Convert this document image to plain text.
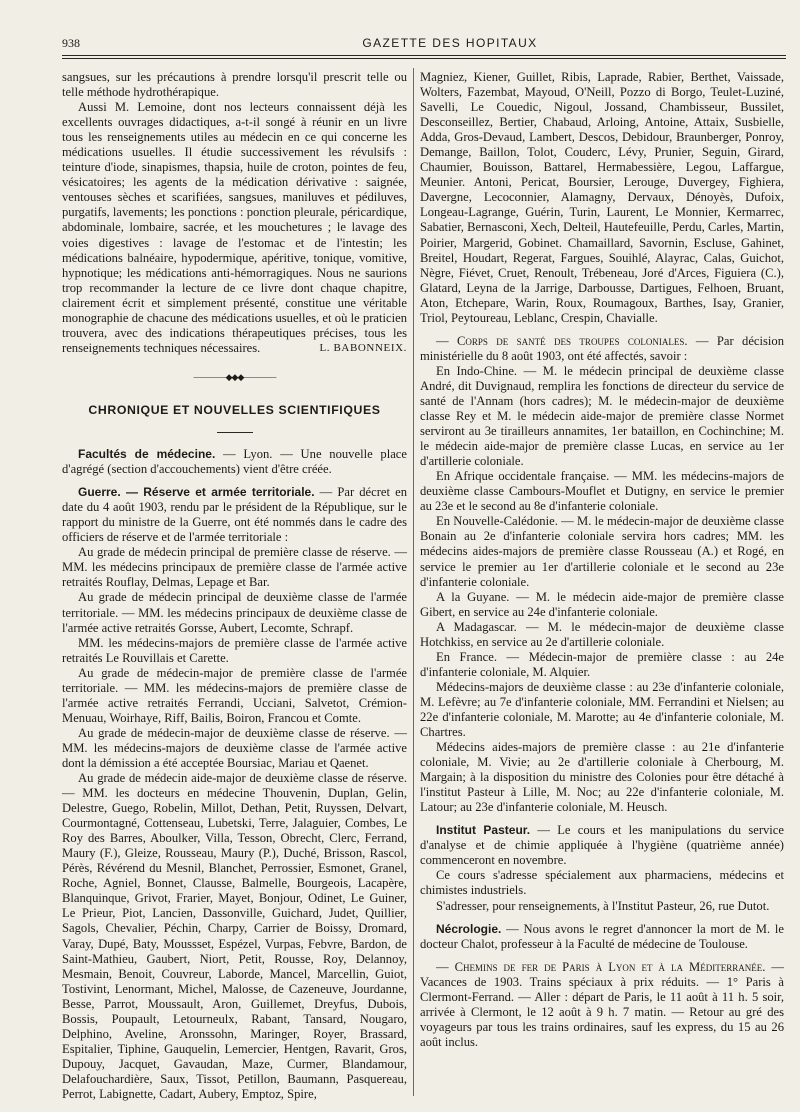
938	GAZETTE DES HOPITAUX

sangsues, sur les précautions à prendre lorsqu'il prescrit telle ou telle méthode hydrothérapique.

Aussi M. Lemoine, dont nos lecteurs connaissent déjà les excellents ouvrages didactiques, a-t-il songé à réunir en un livre tous les renseignements utiles au médecin en ce qui concerne les médications usuelles. Il étudie successivement les révulsifs : teinture d'iode, sinapismes, thapsia, huile de croton, pointes de feu, vésicatoires; les agents de la médication dérivative : saignée, ventouses sèches et scarifiées, sangsues, maniluves et pédiluves, purgatifs, lavements; les ponctions : ponction pleurale, péricardique, abdominale, lombaire, sacrée, et les mouchetures ; le lavage des voies digestives : lavage de l'estomac et de l'intestin; les médications balnéaire, hypodermique, apéritive, tonique, vomitive, hypnotique; les médications anti-hémorragiques. Nous ne saurions trop recommander la lecture de ce livre dont chaque chapitre, clairement écrit et simplement présenté, constitue une véritable monographie de chacune des médications usuelles, et où le praticien trouvera, avec des indications thérapeutiques précises, tous les renseignements techniques nécessaires.	L. BABONNEIX.
————◆◆◆————
CHRONIQUE ET NOUVELLES SCIENTIFIQUES

Facultés de médecine. — Lyon. — Une nouvelle place d'agrégé (section d'accouchements) vient d'être créée.

Guerre. — Réserve et armée territoriale. — Par décret en date du 4 août 1903, rendu par le président de la République, sur le rapport du ministre de la Guerre, ont été nommés dans le cadre des officiers de réserve et de l'armée territoriale :

Au grade de médecin principal de première classe de réserve. — MM. les médecins principaux de première classe de l'armée active retraités Rouflay, Delmas, Lepage et Bar.

Au grade de médecin principal de deuxième classe de l'armée territoriale. — MM. les médecins principaux de deuxième classe de l'armée active retraités Gorsse, Aubert, Lecomte, Schrapf.

MM. les médecins-majors de première classe de l'armée active retraités Le Rouvillais et Carette.

Au grade de médecin-major de première classe de l'armée territoriale. — MM. les médecins-majors de première classe de l'armée active retraités Ferrandi, Ucciani, Salvetot, Crémion-Menuau, Woirhaye, Riff, Bailis, Boiron, Francou et Comte.

Au grade de médecin-major de deuxième classe de réserve. — MM. les médecins-majors de deuxième classe de l'armée active dont la démission a été acceptée Boursiac, Mariau et Qaenet.

Au grade de médecin aide-major de deuxième classe de réserve. — MM. les docteurs en médecine Thouvenin, Duplan, Gelin, Delestre, Guego, Robelin, Millot, Dethan, Petit, Ruyssen, Delvart, Courmontagné, Cottenseau, Lubetski, Terre, Jalaguier, Combes, Le Roy des Barres, Aboulker, Villa, Tesson, Obrecht, Clerc, Ferrand, Maury (F.), Gleize, Rousseau, Maury (P.), Duché, Brisson, Rascol, Pérès, Révérend du Mesnil, Blanchet, Perrossier, Esmonet, Granel, Roche, Agniel, Bonnet, Clausse, Balmelle, Bourgeois, Lacapère, Blanquinque, Grivot, Frarier, Mayet, Bonjour, Odinet, Le Guiner, Le Prieur, Piot, Lancien, Dassonville, Guichard, Judet, Quillier, Sagols, Chevalier, Péchin, Charpy, Carrier de Boissy, Dromard, Varay, Dupé, Baty, Moussset, Espézel, Vurpas, Febvre, Bardon, de Saint-Mathieu, Gaubert, Niort, Petit, Rousse, Roy, Delannoy, Mesmain, Benoit, Couvreur, Laborde, Mancel, Marcellin, Guiot, Tostivint, Lenormant, Michel, Malosse, de Cazeneuve, Jourdanne, Besse, Parrot, Moussault, Aron, Guillemet, Dreyfus, Dubois, Bossis, Poupault, Letourneulx, Rabant, Tansard, Nougaro, Delphino, Aveline, Aronssohn, Maringer, Royer, Brassard, Espitalier, Tiphine, Gauquelin, Lemercier, Hentgen, Ravarit, Gros, Dupouy, Jacquet, Gavaudan, Maze, Curmer, Blandamour, Delafouchardière, Saux, Tissot, Petillon, Baumann, Pasquereau, Perrot, Labignette, Cadart, Aubery, Emptoz, Spire,

Magniez, Kiener, Guillet, Ribis, Laprade, Rabier, Berthet, Vaissade, Wolters, Fazembat, Mayoud, O'Neill, Pozzo di Borgo, Teulet-Luziné, Savelli, Le Couedic, Nigoul, Jossand, Chambisseur, Bussilet, Desconseillez, Bertier, Chabaud, Arloing, Antoine, Attaix, Susbielle, Adda, Gros-Devaud, Lambert, Descos, Debidour, Braunberger, Ponroy, Demange, Baillon, Tolot, Couderc, Lévy, Prunier, Seguin, Girard, Chaumier, Bouisson, Battarel, Hermabessière, Legou, Laffargue, Meunier. Antoni, Pericat, Boursier, Lerouge, Duvergey, Fighiera, Davergne, Lecoconnier, Alamagny, Dervaux, Dénoyès, Dufoix, Longeau-Lagrange, Guérin, Turin, Laurent, Le Monnier, Kermarrec, Sabatier, Bernasconi, Xech, Delteil, Hautefeuille, Perdu, Carles, Martin, Poirier, Margerid, Gobinet. Chamaillard, Savornin, Escluse, Gahinet, Breitel, Houdart, Regerat, Fargues, Souihlé, Alayrac, Calas, Guichot, Nègre, Fiévet, Cruet, Renoult, Trébeneau, Joré d'Arces, Figuiera (C.), Glatard, Leyna de la Jarrige, Darbousse, Dartigues, Felhoen, Bruant, Aton, Etchepare, Warin, Roux, Roumagoux, Barthes, Isay, Granier, Triol, Peytoureau, Leblanc, Crespin, Chavialle.

— Corps de santé des troupes coloniales. — Par décision ministérielle du 8 août 1903, ont été affectés, savoir :

En Indo-Chine. — M. le médecin principal de deuxième classe André, dit Duvignaud, remplira les fonctions de directeur du service de santé de l'Annam (hors cadres); M. le médecin-major de deuxième classe Rey et M. le médecin aide-major de première classe Normet serviront au 3e tirailleurs annamites, 1er bataillon, en Cochinchine; M. le médecin aide-major de première classe Lucas, en service au 1er d'artillerie coloniale.

En Afrique occidentale française. — MM. les médecins-majors de deuxième classe Cambours-Mouflet et Dutigny, en service le premier au 23e et le second au 8e d'infanterie coloniale.

En Nouvelle-Calédonie. — M. le médecin-major de deuxième classe Bonain au 2e d'infanterie coloniale servira hors cadres; MM. les médecins aides-majors de première classe Rousseau (A.) et Rogé, en service le premier au 1er d'artillerie coloniale et le second au 23e d'infanterie coloniale.

A la Guyane. — M. le médecin aide-major de première classe Gibert, en service au 24e d'infanterie coloniale.

A Madagascar. — M. le médecin-major de deuxième classe Hotchkiss, en service au 2e d'artillerie coloniale.

En France. — Médecin-major de première classe : au 24e d'infanterie coloniale, M. Alquier.

Médecins-majors de deuxième classe : au 23e d'infanterie coloniale, M. Lefèvre; au 7e d'infanterie coloniale, MM. Ferrandini et Nielsen; au 22e d'infanterie coloniale, M. Marotte; au 4e d'infanterie coloniale, M. Chartres.

Médecins aides-majors de première classe : au 21e d'infanterie coloniale, M. Vivie; au 2e d'artillerie coloniale à Cherbourg, M. Margain; à la disposition du ministre des Colonies pour être détaché à l'institut Pasteur à Lille, M. Noc; au 22e d'infanterie coloniale, M. Latour; au 23e d'infanterie coloniale, M. Heusch.

Institut Pasteur. — Le cours et les manipulations du service d'analyse et de chimie appliquée à l'hygiène (quatrième année) commenceront en novembre.

Ce cours s'adresse spécialement aux pharmaciens, médecins et chimistes industriels.

S'adresser, pour renseignements, à l'Institut Pasteur, 26, rue Dutot.

Nécrologie. — Nous avons le regret d'annoncer la mort de M. le docteur Chalot, professeur à la Faculté de médecine de Toulouse.

— Chemins de fer de Paris à Lyon et à la Méditerranée. — Vacances de 1903. Trains spéciaux à prix réduits. — 1° Paris à Clermont-Ferrand. — Aller : départ de Paris, le 11 août à 11 h. 5 soir, arrivée à Clermont, le 12 août à 9 h. 7 matin. — Retour au gré des voyageurs par tous les trains ordinaires, sauf les express, du 15 au 26 août inclus.
